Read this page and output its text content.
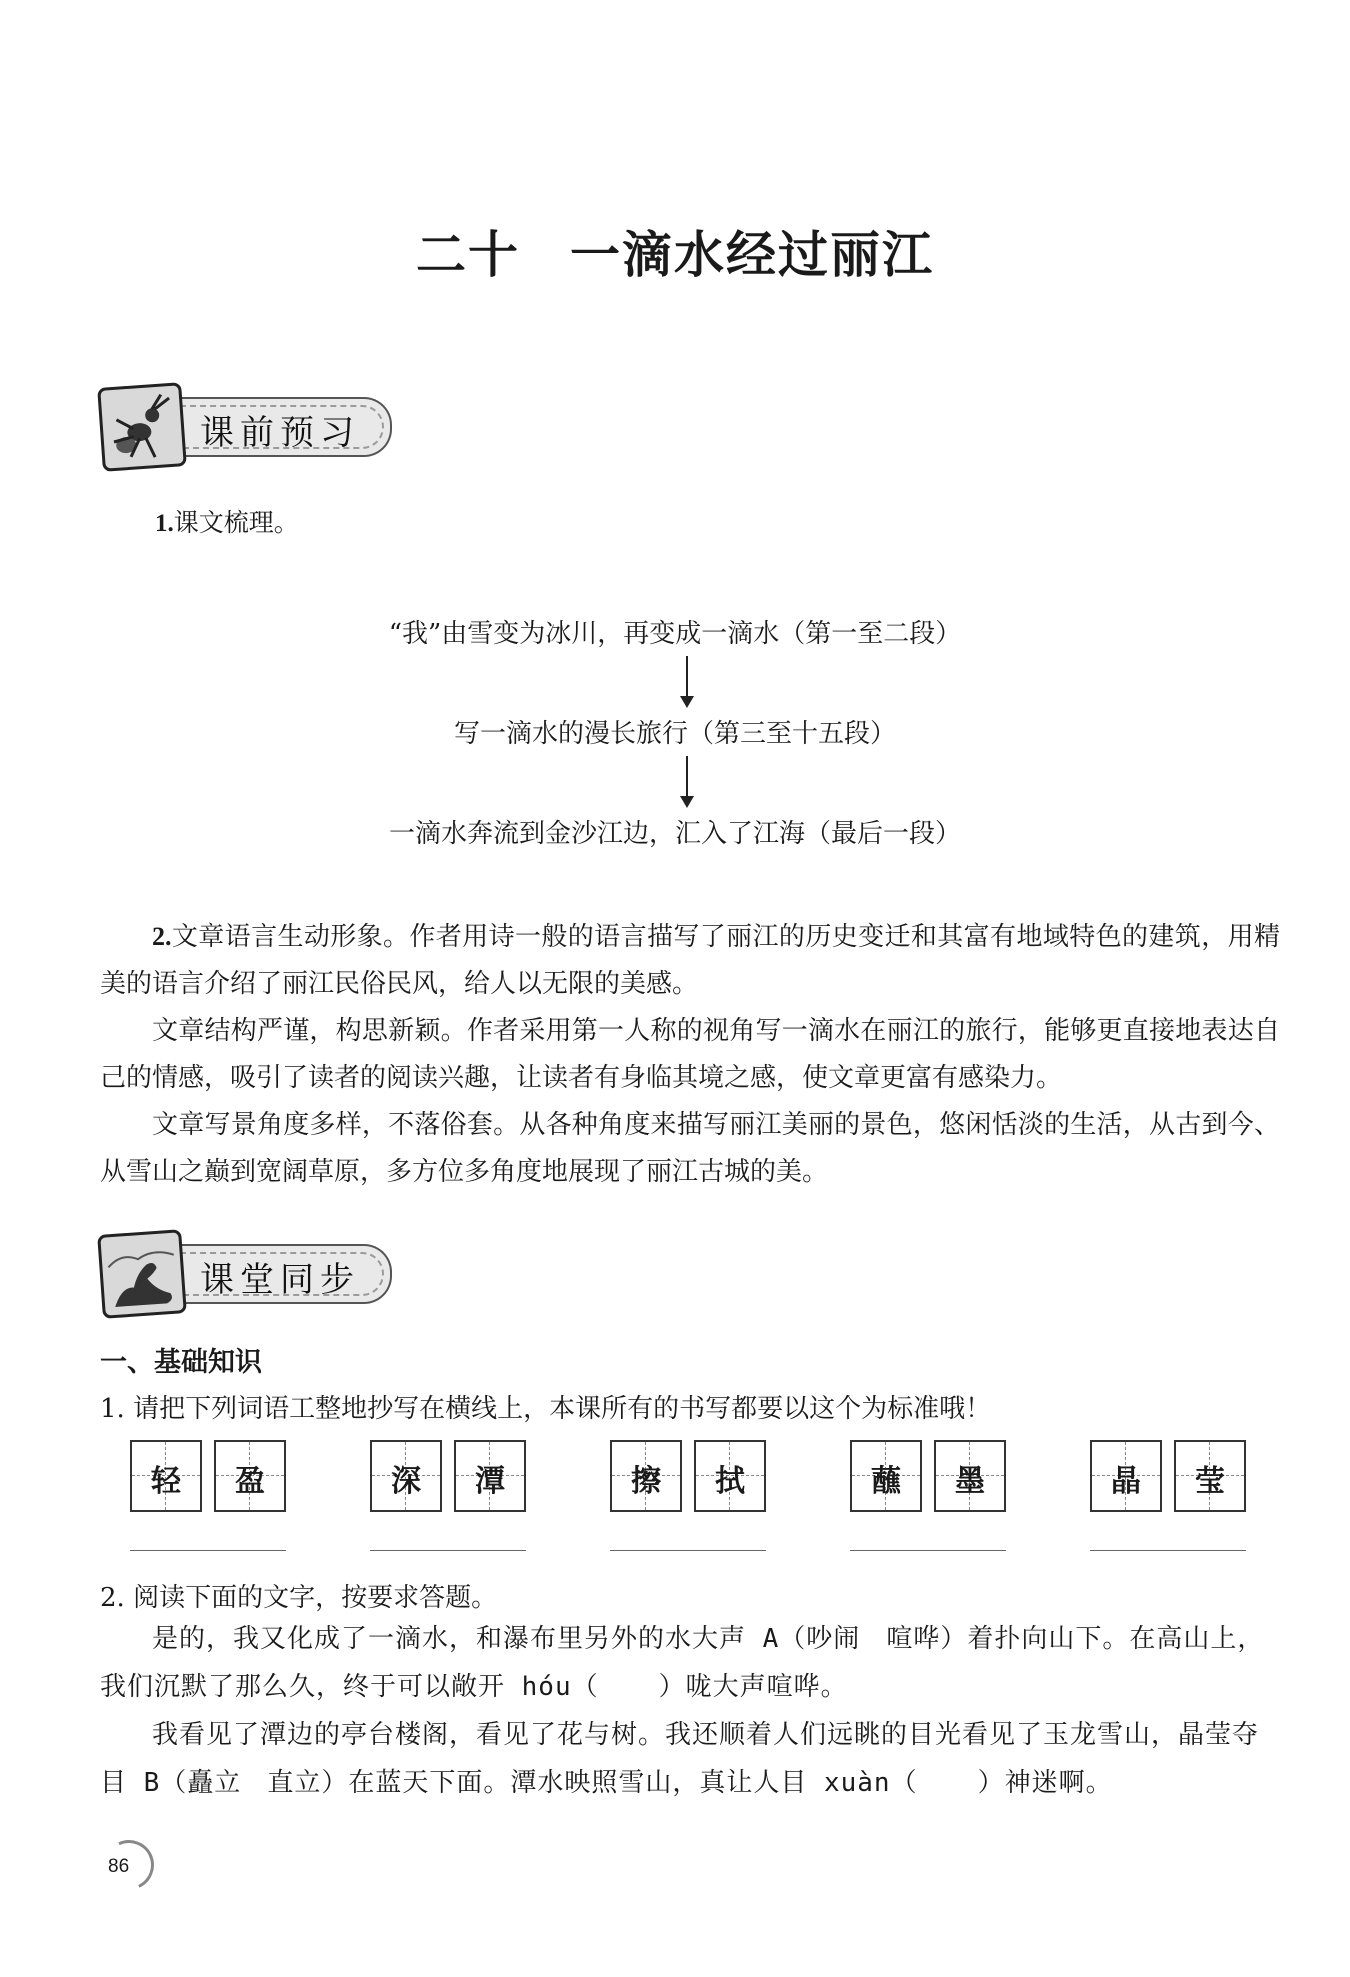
二十 一滴水经过丽江
课前预习
1.课文梳理。
“我”由雪变为冰川，再变成一滴水（第一至二段）
写一滴水的漫长旅行（第三至十五段）
一滴水奔流到金沙江边，汇入了江海（最后一段）

2.文章语言生动形象。作者用诗一般的语言描写了丽江的历史变迁和其富有地域特色的建筑，用精美的语言介绍了丽江民俗民风，给人以无限的美感。

文章结构严谨，构思新颖。作者采用第一人称的视角写一滴水在丽江的旅行，能够更直接地表达自己的情感，吸引了读者的阅读兴趣，让读者有身临其境之感，使文章更富有感染力。

文章写景角度多样，不落俗套。从各种角度来描写丽江美丽的景色，悠闲恬淡的生活，从古到今、从雪山之巅到宽阔草原，多方位多角度地展现了丽江古城的美。

课堂同步
一、基础知识
1. 请把下列词语工整地抄写在横线上，本课所有的书写都要以这个为标准哦！
轻	盈	深	潭	擦	拭	蘸	墨	晶	莹
2. 阅读下面的文字，按要求答题。

是的，我又化成了一滴水，和瀑布里另外的水大声 A（吵闹 喧哗）着扑向山下。在高山上，我们沉默了那么久，终于可以敞开 hóu（ ）咙大声喧哗。

我看见了潭边的亭台楼阁，看见了花与树。我还顺着人们远眺的目光看见了玉龙雪山，晶莹夺目 B（矗立 直立）在蓝天下面。潭水映照雪山，真让人目 xuàn（ ）神迷啊。

86
